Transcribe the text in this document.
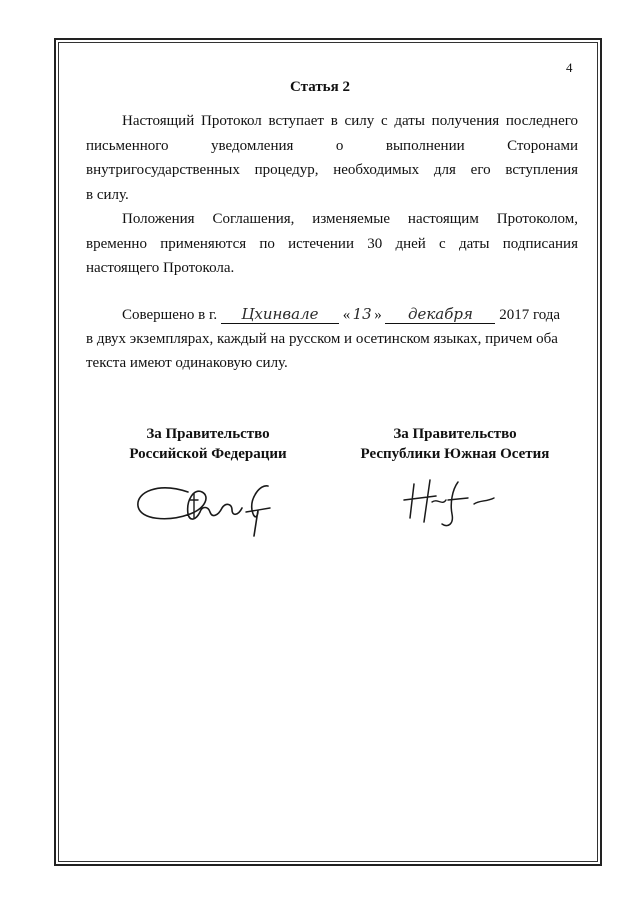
4
Статья 2
Настоящий Протокол вступает в силу с даты получения последнего
письменного уведомления о выполнении Сторонами
внутригосударственных процедур, необходимых для его вступления
в силу.
Положения Соглашения, изменяемые настоящим Протоколом,
временно применяются по истечении 30 дней с даты подписания
настоящего Протокола.
Совершено в г. Цхинвале « 13 » декабря 2017 года
в двух экземплярах, каждый на русском и осетинском языках, причем оба
текста имеют одинаковую силу.
За Правительство
Российской Федерации
За Правительство
Республики Южная Осетия
